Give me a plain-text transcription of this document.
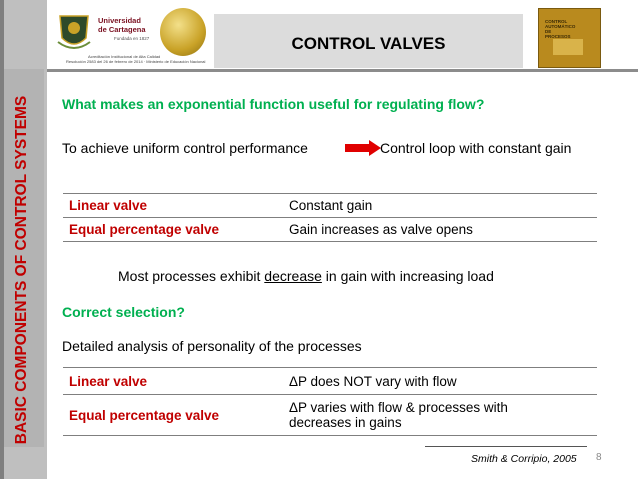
BASIC COMPONENTS OF CONTROL SYSTEMS
Universidad
de Cartagena
Fundada en 1827
Acreditación Institucional de Alta Calidad
Resolución 2583 del 26 de febrero de 2014 · Ministerio de Educación Nacional
CONTROL VALVES
CONTROL
AUTOMÁTICO
DE
PROCESOS
What makes an exponential function useful for regulating flow?
To achieve uniform control performance	Control loop with constant gain
Linear valve	Constant gain
Equal percentage valve	Gain increases as valve opens
Most processes exhibit decrease in gain with increasing load
Correct selection?
Detailed analysis of personality of the processes
Linear valve	ΔP does NOT vary with flow
Equal percentage valve	ΔP varies with flow & processes with
decreases in gains
Smith & Corripio, 2005 8
